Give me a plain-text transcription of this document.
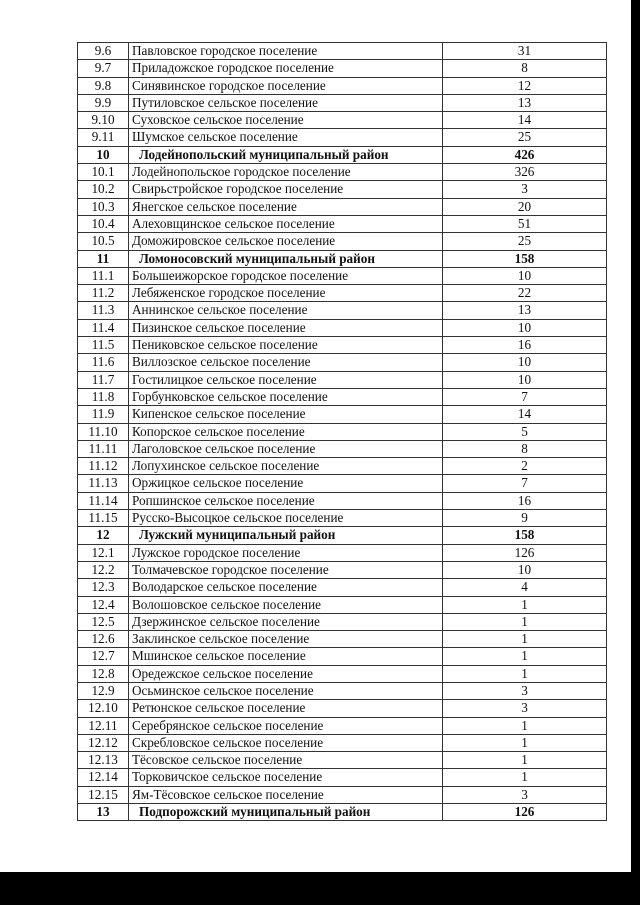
9.6	Павловское городское поселение	31
9.7	Приладожское городское поселение	8
9.8	Синявинское городское поселение	12
9.9	Путиловское сельское поселение	13
9.10	Суховское сельское поселение	14
9.11	Шумское сельское поселение	25
10	Лодейнопольский муниципальный район	426
10.1	Лодейнопольское городское поселение	326
10.2	Свирьстройское городское поселение	3
10.3	Янегское сельское поселение	20
10.4	Алеховщинское сельское поселение	51
10.5	Доможировское сельское поселение	25
11	Ломоносовский муниципальный район	158
11.1	Большеижорское городское поселение	10
11.2	Лебяженское городское поселение	22
11.3	Аннинское сельское поселение	13
11.4	Пизинское сельское поселение	10
11.5	Пениковское сельское поселение	16
11.6	Виллозское сельское поселение	10
11.7	Гостилицкое сельское поселение	10
11.8	Горбунковское сельское поселение	7
11.9	Кипенское сельское поселение	14
11.10	Копорское сельское поселение	5
11.11	Лаголовское сельское поселение	8
11.12	Лопухинское сельское поселение	2
11.13	Оржицкое сельское поселение	7
11.14	Ропшинское сельское поселение	16
11.15	Русско-Высоцкое сельское поселение	9
12	Лужский муниципальный район	158
12.1	Лужское городское поселение	126
12.2	Толмачевское городское поселение	10
12.3	Володарское сельское поселение	4
12.4	Волошовское сельское поселение	1
12.5	Дзержинское сельское поселение	1
12.6	Заклинское сельское поселение	1
12.7	Мшинское сельское поселение	1
12.8	Оредежское сельское поселение	1
12.9	Осьминское сельское поселение	3
12.10	Ретюнское сельское поселение	3
12.11	Серебрянское сельское поселение	1
12.12	Скребловское сельское поселение	1
12.13	Тёсовское сельское поселение	1
12.14	Торковичское сельское поселение	1
12.15	Ям-Тёсовское сельское поселение	3
13	Подпорожский муниципальный район	126
